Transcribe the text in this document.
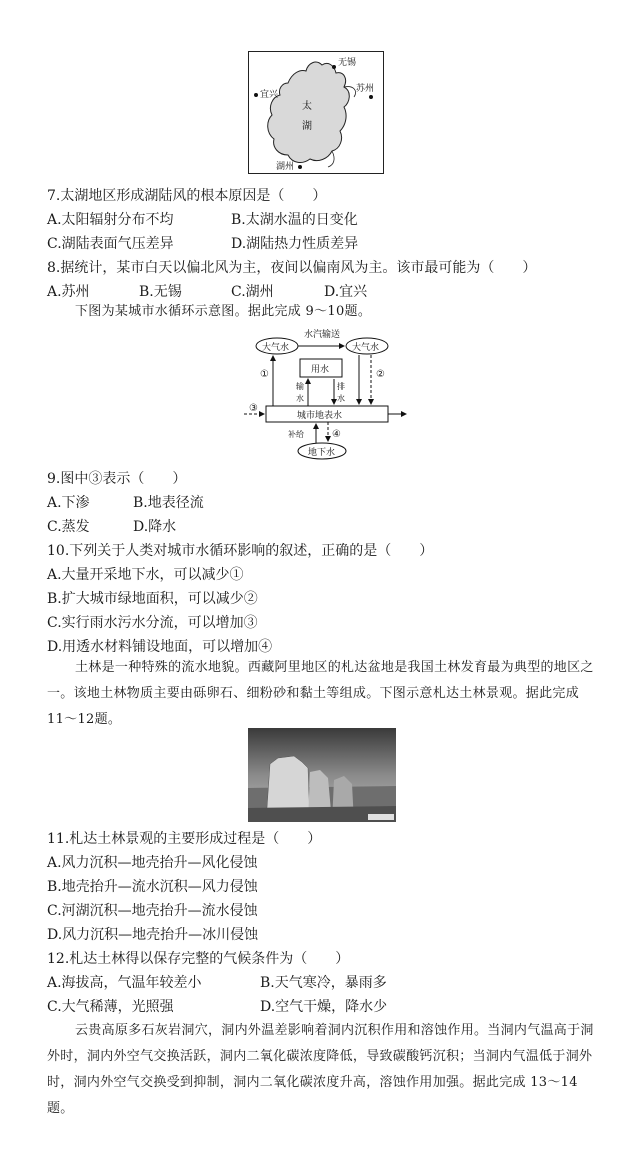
无锡
苏州
宜兴
太
湖
湖州
7.太湖地区形成湖陆风的根本原因是（　　）
A.太阳辐射分布不均	B.太湖水温的日变化
C.湖陆表面气压差异	D.湖陆热力性质差异
8.据统计，某市白天以偏北风为主，夜间以偏南风为主。该市最可能为（　　）
A.苏州	B.无锡	C.湖州	D.宜兴
下图为某城市水循环示意图。据此完成 9～10题。
水汽输送
大气水	大气水
用水
城市地表水
①	②
输
水
排
水
③
地下水
补给	④
9.图中③表示（　　）
A.下渗	B.地表径流
C.蒸发	D.降水
10.下列关于人类对城市水循环影响的叙述，正确的是（　　）
A.大量开采地下水，可以减少①
B.扩大城市绿地面积，可以减少②
C.实行雨水污水分流，可以增加③
D.用透水材料铺设地面，可以增加④
土林是一种特殊的流水地貌。西藏阿里地区的札达盆地是我国土林发育最为典型的地区之一。该地土林物质主要由砾卵石、细粉砂和黏土等组成。下图示意札达土林景观。据此完成 11～12题。
11.札达土林景观的主要形成过程是（　　）
A.风力沉积—地壳抬升—风化侵蚀
B.地壳抬升—流水沉积—风力侵蚀
C.河湖沉积—地壳抬升—流水侵蚀
D.风力沉积—地壳抬升—冰川侵蚀
12.札达土林得以保存完整的气候条件为（　　）
A.海拔高，气温年较差小	B.天气寒冷，暴雨多
C.大气稀薄，光照强	D.空气干燥，降水少
云贵高原多石灰岩洞穴，洞内外温差影响着洞内沉积作用和溶蚀作用。当洞内气温高于洞外时，洞内外空气交换活跃，洞内二氧化碳浓度降低，导致碳酸钙沉积；当洞内气温低于洞外时，洞内外空气交换受到抑制，洞内二氧化碳浓度升高，溶蚀作用加强。据此完成 13～14题。
